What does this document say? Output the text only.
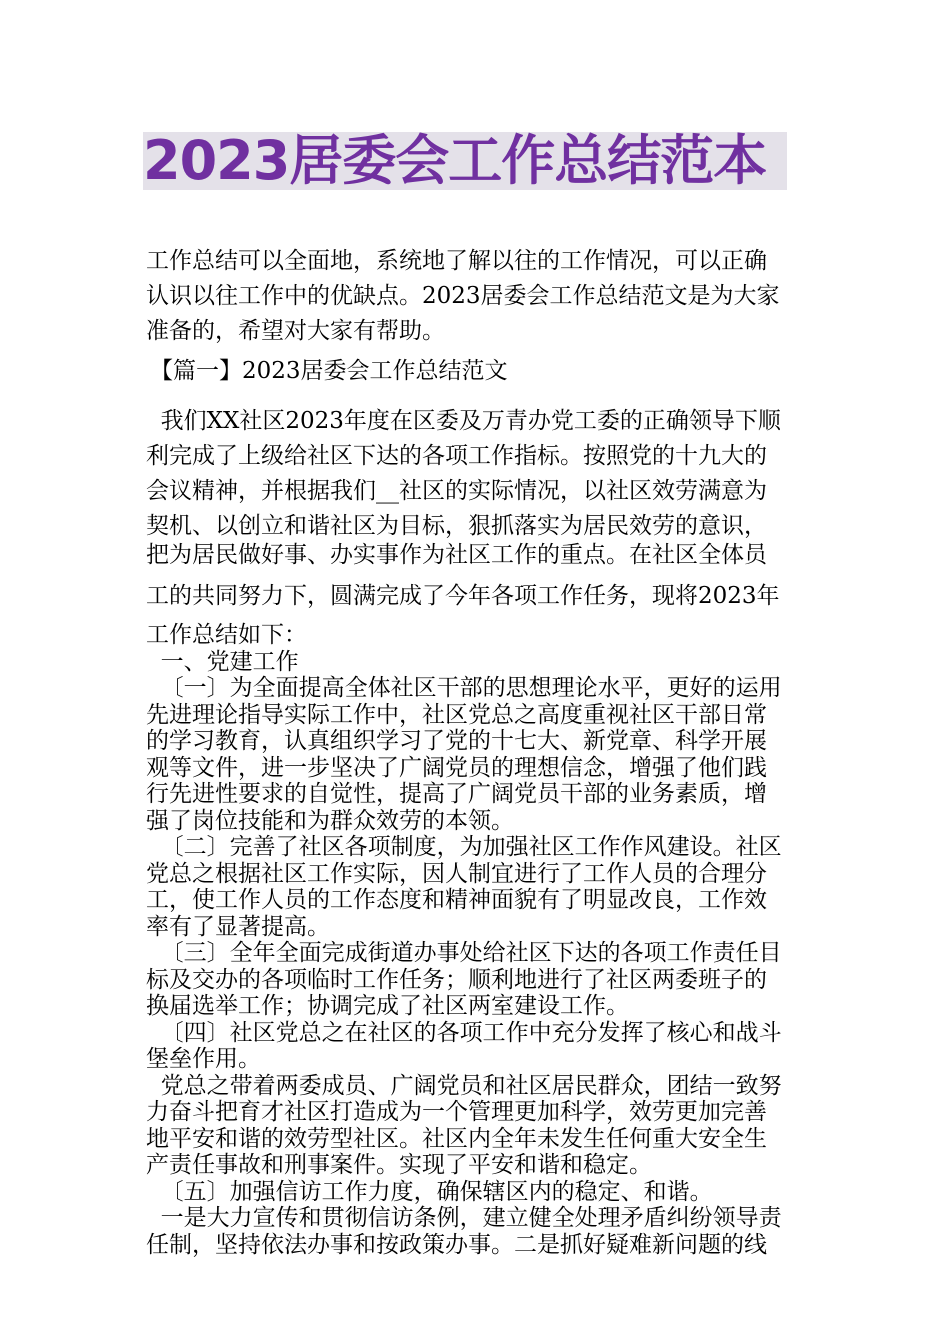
2023居委会工作总结范本
工作总结可以全面地，系统地了解以往的工作情况，可以正确
认识以往工作中的优缺点。2023居委会工作总结范文是为大家
准备的，希望对大家有帮助。
【篇一】2023居委会工作总结范文
我们XX社区2023年度在区委及万青办党工委的正确领导下顺
利完成了上级给社区下达的各项工作指标。按照党的十九大的
会议精神，并根据我们__社区的实际情况，以社区效劳满意为
契机、以创立和谐社区为目标，狠抓落实为居民效劳的意识，
把为居民做好事、办实事作为社区工作的重点。在社区全体员
工的共同努力下，圆满完成了今年各项工作任务，现将2023年
工作总结如下：
一、党建工作
〔一〕为全面提高全体社区干部的思想理论水平，更好的运用
先进理论指导实际工作中，社区党总之高度重视社区干部日常
的学习教育，认真组织学习了党的十七大、新党章、科学开展
观等文件，进一步坚决了广阔党员的理想信念，增强了他们践
行先进性要求的自觉性，提高了广阔党员干部的业务素质，增
强了岗位技能和为群众效劳的本领。
〔二〕完善了社区各项制度，为加强社区工作作风建设。社区
党总之根据社区工作实际，因人制宜进行了工作人员的合理分
工，使工作人员的工作态度和精神面貌有了明显改良，工作效
率有了显著提高。
〔三〕全年全面完成街道办事处给社区下达的各项工作责任目
标及交办的各项临时工作任务；顺利地进行了社区两委班子的
换届选举工作；协调完成了社区两室建设工作。
〔四〕社区党总之在社区的各项工作中充分发挥了核心和战斗
堡垒作用。
党总之带着两委成员、广阔党员和社区居民群众，团结一致努
力奋斗把育才社区打造成为一个管理更加科学，效劳更加完善
地平安和谐的效劳型社区。社区内全年未发生任何重大安全生
产责任事故和刑事案件。实现了平安和谐和稳定。
〔五〕加强信访工作力度，确保辖区内的稳定、和谐。
一是大力宣传和贯彻信访条例，建立健全处理矛盾纠纷领导责
任制，坚持依法办事和按政策办事。二是抓好疑难新问题的线
